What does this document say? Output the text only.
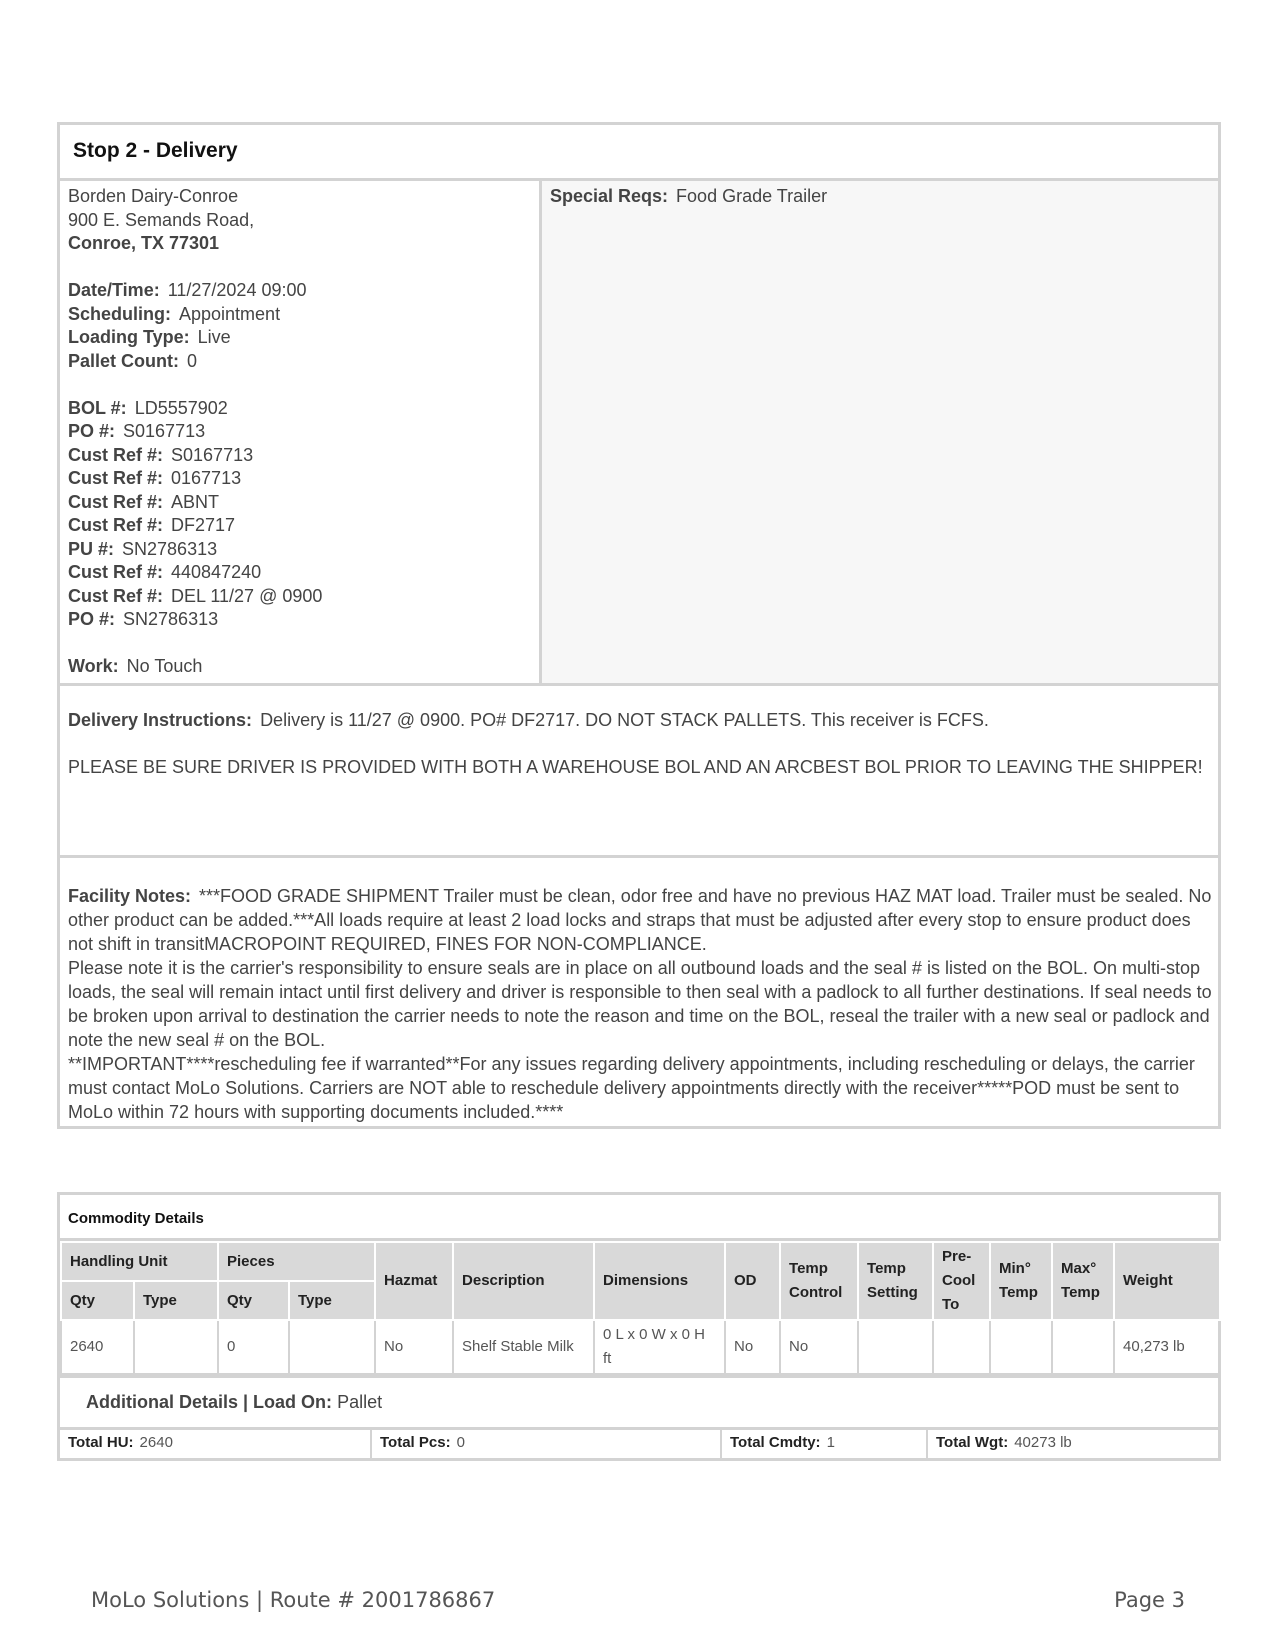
Stop 2 - Delivery
Borden Dairy-Conroe
900 E. Semands Road,
Conroe, TX 77301
Date/Time: 11/27/2024 09:00
Scheduling: Appointment
Loading Type: Live
Pallet Count: 0
BOL #: LD5557902
PO #: S0167713
Cust Ref #: S0167713
Cust Ref #: 0167713
Cust Ref #: ABNT
Cust Ref #: DF2717
PU #: SN2786313
Cust Ref #: 440847240
Cust Ref #: DEL 11/27 @ 0900
PO #: SN2786313
Work: No Touch
Special Reqs: Food Grade Trailer

Delivery Instructions: Delivery is 11/27 @ 0900. PO# DF2717. DO NOT STACK PALLETS. This receiver is FCFS.

PLEASE BE SURE DRIVER IS PROVIDED WITH BOTH A WAREHOUSE BOL AND AN ARCBEST BOL PRIOR TO LEAVING THE SHIPPER!

Facility Notes: ***FOOD GRADE SHIPMENT Trailer must be clean, odor free and have no previous HAZ MAT load. Trailer must be sealed. No other product can be added.***All loads require at least 2 load locks and straps that must be adjusted after every stop to ensure product does not shift in transitMACROPOINT REQUIRED, FINES FOR NON-COMPLIANCE.

Please note it is the carrier's responsibility to ensure seals are in place on all outbound loads and the seal # is listed on the BOL. On multi-stop loads, the seal will remain intact until first delivery and driver is responsible to then seal with a padlock to all further destinations. If seal needs to be broken upon arrival to destination the carrier needs to note the reason and time on the BOL, reseal the trailer with a new seal or padlock and note the new seal # on the BOL.

**IMPORTANT****rescheduling fee if warranted**For any issues regarding delivery appointments, including rescheduling or delays, the carrier must contact MoLo Solutions. Carriers are NOT able to reschedule delivery appointments directly with the receiver*****POD must be sent to MoLo within 72 hours with supporting documents included.****

Commodity Details
Handling Unit		Pieces		Hazmat	Description	Dimensions	OD	Temp Control	Temp Setting	Pre-Cool To	Min° Temp	Max° Temp	Weight
Qty	Type	Qty	Type										
2640		0		No	Shelf Stable Milk	0 L x 0 W x 0 H ft	No	No					40,273 lb
Additional Details | Load On: Pallet
Total HU: 2640	Total Pcs: 0	Total Cmdty: 1	Total Wgt: 40273 lb
MoLo Solutions | Route # 2001786867	Page 3
